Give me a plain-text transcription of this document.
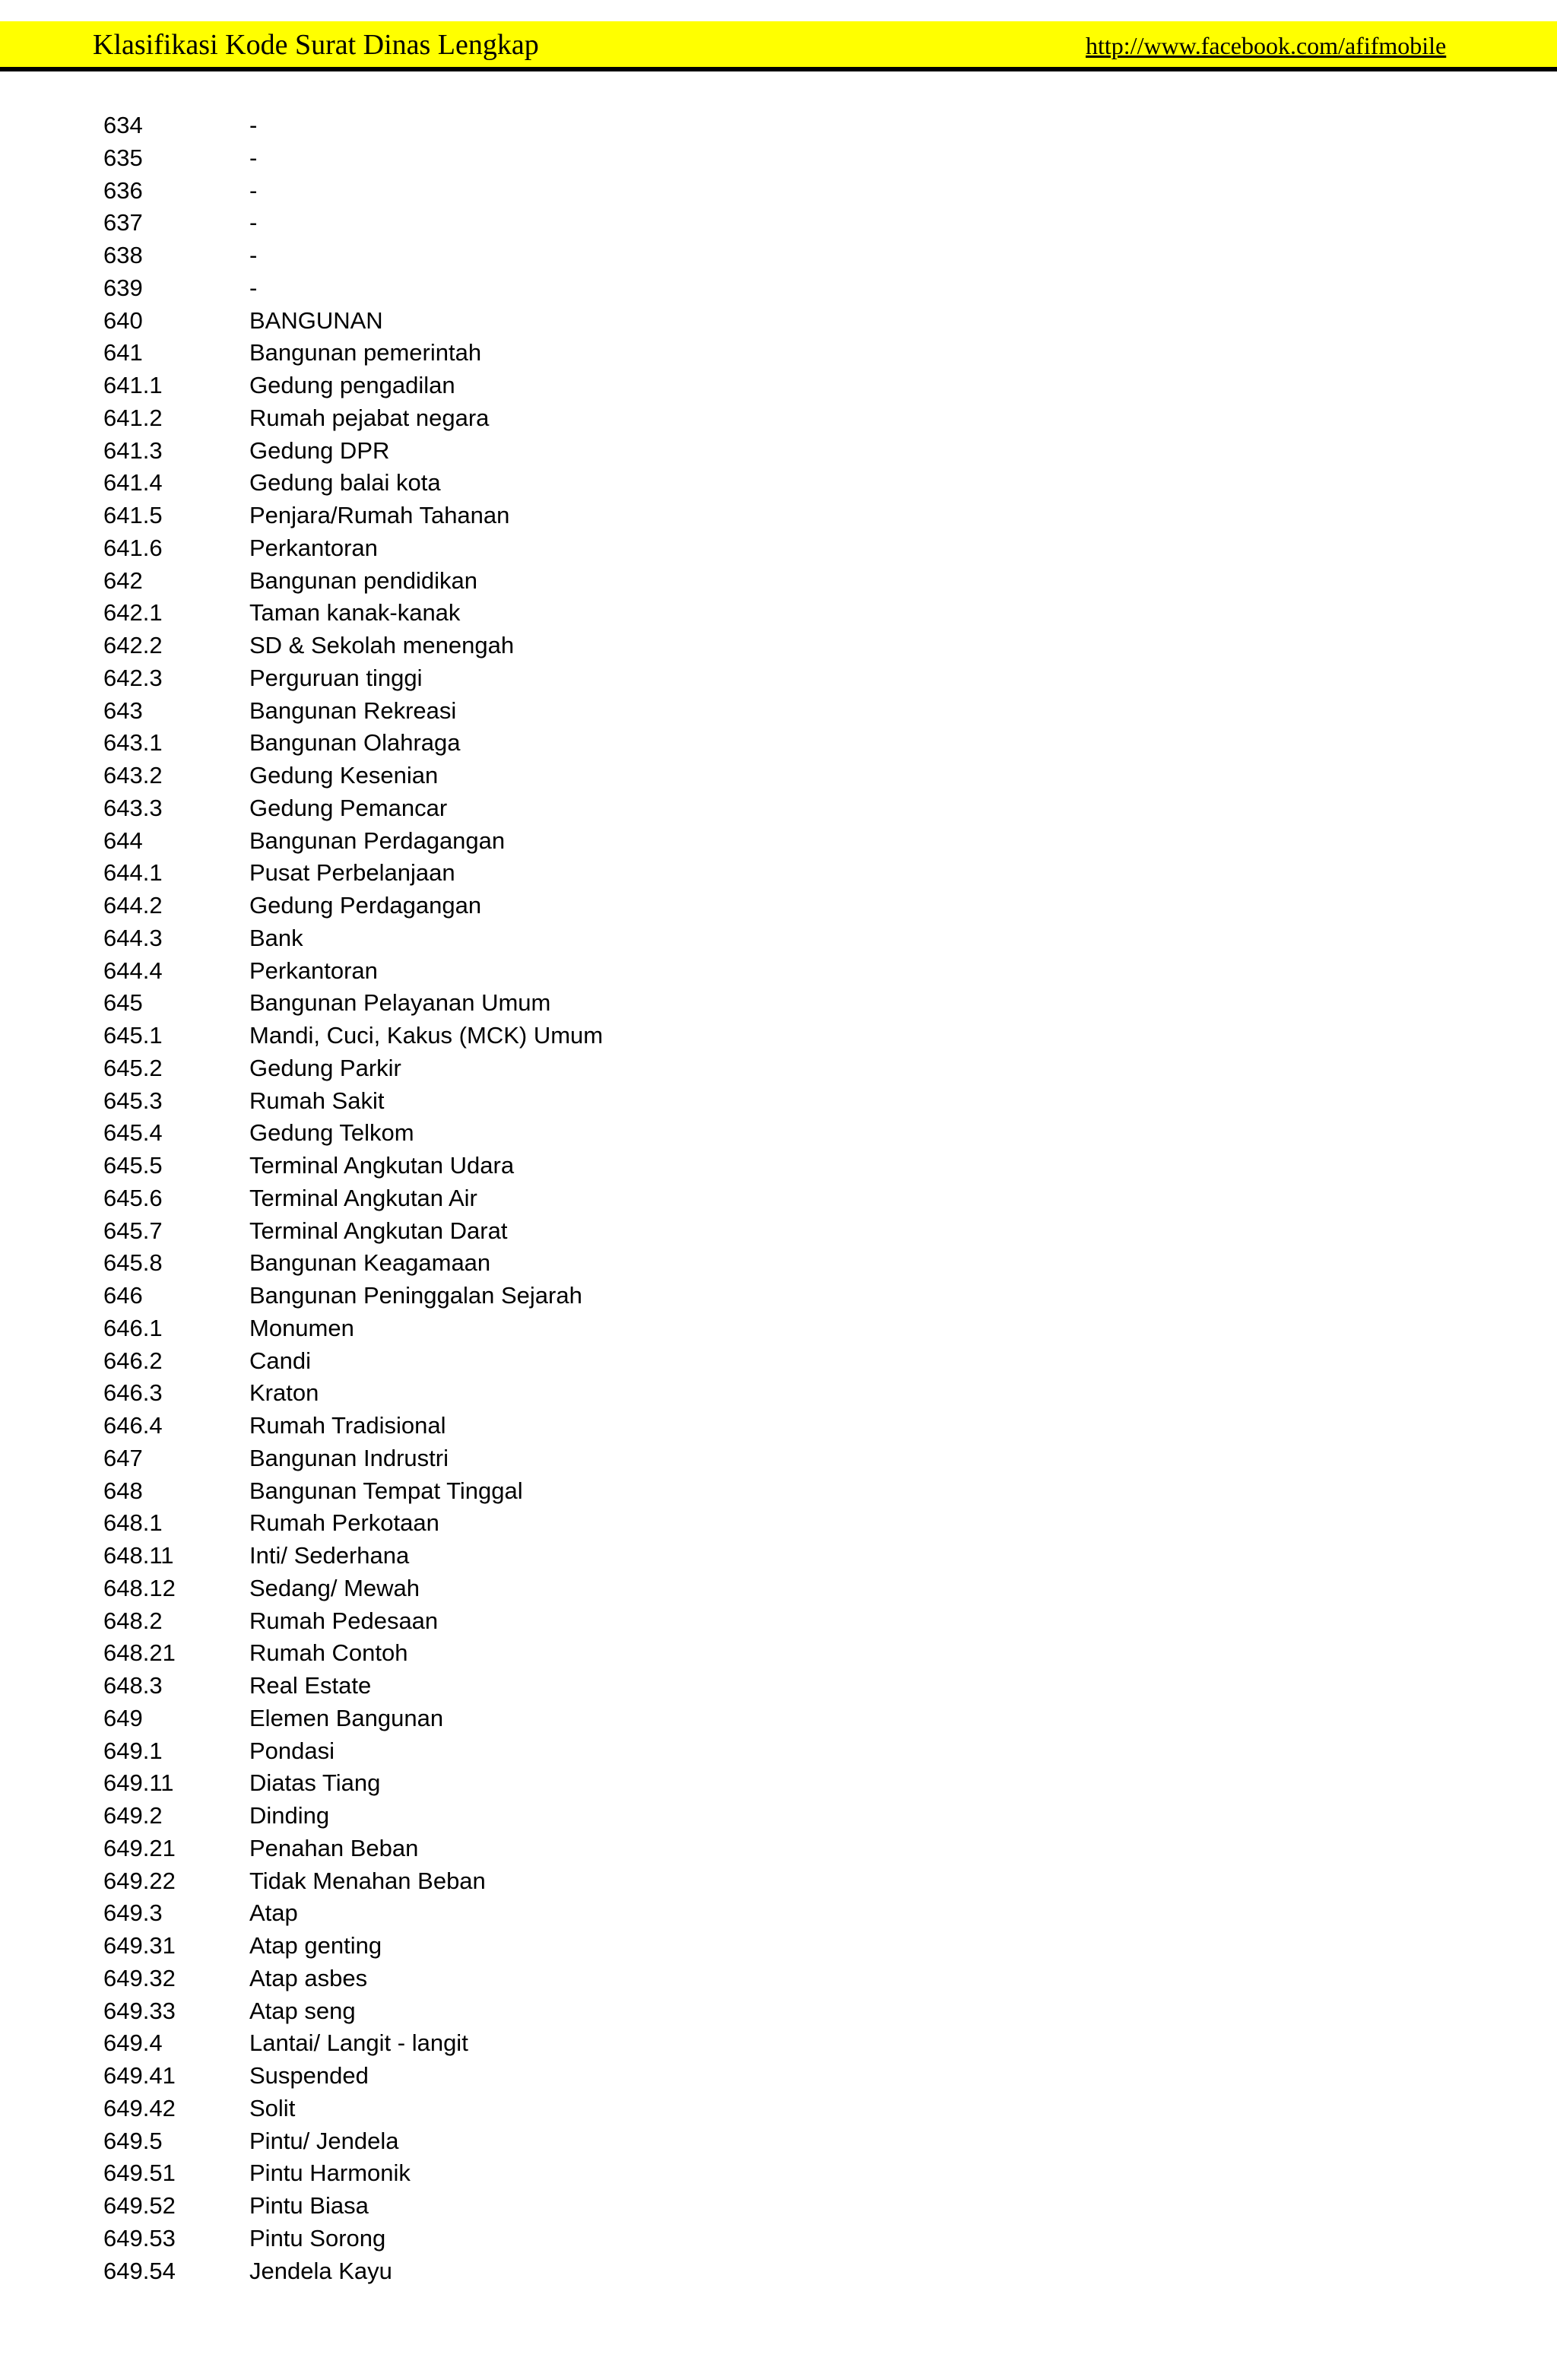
Klasifikasi Kode Surat Dinas Lengkap	http://www.facebook.com/afifmobile
634	-
635	-
636	-
637	-
638	-
639	-
640	BANGUNAN
641	Bangunan pemerintah
641.1	Gedung pengadilan
641.2	Rumah pejabat negara
641.3	Gedung DPR
641.4	Gedung balai kota
641.5	Penjara/Rumah Tahanan
641.6	Perkantoran
642	Bangunan pendidikan
642.1	Taman kanak-kanak
642.2	SD & Sekolah menengah
642.3	Perguruan tinggi
643	Bangunan Rekreasi
643.1	Bangunan Olahraga
643.2	Gedung Kesenian
643.3	Gedung Pemancar
644	Bangunan Perdagangan
644.1	Pusat Perbelanjaan
644.2	Gedung Perdagangan
644.3	Bank
644.4	Perkantoran
645	Bangunan Pelayanan Umum
645.1	Mandi, Cuci, Kakus (MCK) Umum
645.2	Gedung Parkir
645.3	Rumah Sakit
645.4	Gedung Telkom
645.5	Terminal Angkutan Udara
645.6	Terminal Angkutan Air
645.7	Terminal Angkutan Darat
645.8	Bangunan Keagamaan
646	Bangunan Peninggalan Sejarah
646.1	Monumen
646.2	Candi
646.3	Kraton
646.4	Rumah Tradisional
647	Bangunan Indrustri
648	Bangunan Tempat Tinggal
648.1	Rumah Perkotaan
648.11	Inti/ Sederhana
648.12	Sedang/ Mewah
648.2	Rumah Pedesaan
648.21	Rumah Contoh
648.3	Real Estate
649	Elemen Bangunan
649.1	Pondasi
649.11	Diatas Tiang
649.2	Dinding
649.21	Penahan Beban
649.22	Tidak Menahan Beban
649.3	Atap
649.31	Atap genting
649.32	Atap asbes
649.33	Atap seng
649.4	Lantai/ Langit - langit
649.41	Suspended
649.42	Solit
649.5	Pintu/ Jendela
649.51	Pintu Harmonik
649.52	Pintu Biasa
649.53	Pintu Sorong
649.54	Jendela Kayu
